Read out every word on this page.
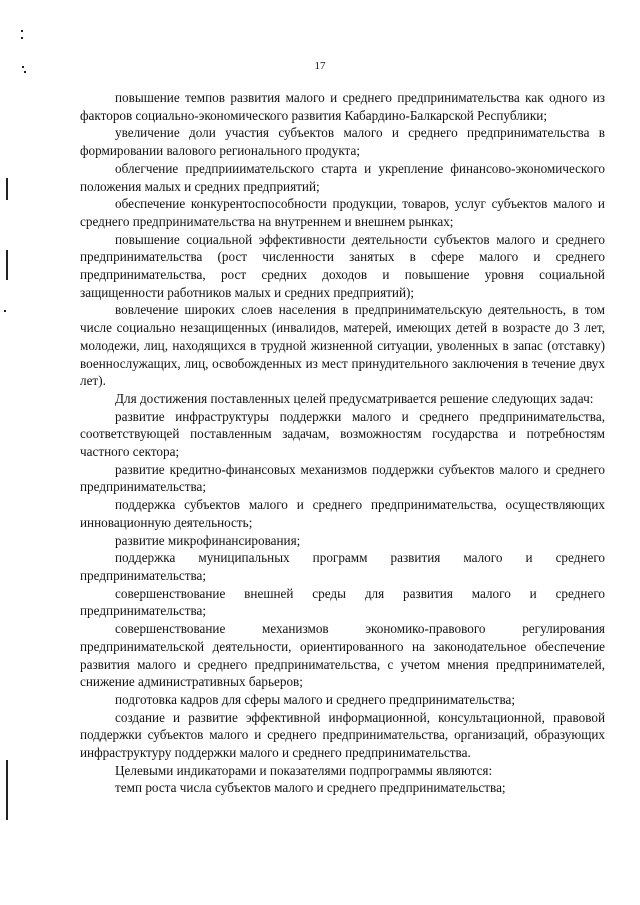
17

повышение темпов развития малого и среднего предпринимательства как одного из факторов социально-экономического развития Кабардино-Балкарской Республики;

увеличение доли участия субъектов малого и среднего предпринимательства в формировании валового регионального продукта;

облегчение предприиимательского старта и укрепление финансово-экономического положения малых и средних предприятий;

обеспечение конкурентоспособности продукции, товаров, услуг субъектов малого и среднего предпринимательства на внутреннем и внешнем рынках;

повышение социальной эффективности деятельности субъектов малого и среднего предпринимательства (рост численности занятых в сфере малого и среднего предпринимательства, рост средних доходов и повышение уровня социальной защищенности работников малых и средних предприятий);

вовлечение широких слоев населения в предпринимательскую деятельность, в том числе социально незащищенных (инвалидов, матерей, имеющих детей в возрасте до 3 лет, молодежи, лиц, находящихся в трудной жизненной ситуации, уволенных в запас (отставку) военнослужащих, лиц, освобожденных из мест принудительного заключения в течение двух лет).

Для достижения поставленных целей предусматривается решение следующих задач:

развитие инфраструктуры поддержки малого и среднего предпринимательства, соответствующей поставленным задачам, возможностям государства и потребностям частного сектора;

развитие кредитно-финансовых механизмов поддержки субъектов малого и среднего предпринимательства;

поддержка субъектов малого и среднего предпринимательства, осуществляющих инновационную деятельность;

развитие микрофинансирования;

поддержка муниципальных программ развития малого и среднего предпринимательства;

совершенствование внешней среды для развития малого и среднего предпринимательства;

совершенствование механизмов экономико-правового регулирования предпринимательской деятельности, ориентированного на законодательное обеспечение развития малого и среднего предпринимательства, с учетом мнения предпринимателей, снижение административных барьеров;

подготовка кадров для сферы малого и среднего предпринимательства;

создание и развитие эффективной информационной, консультационной, правовой поддержки субъектов малого и среднего предпринимательства, организаций, образующих инфраструктуру поддержки малого и среднего предпринимательства.

Целевыми индикаторами и показателями подпрограммы являются:

темп роста числа субъектов малого и среднего предпринимательства;
